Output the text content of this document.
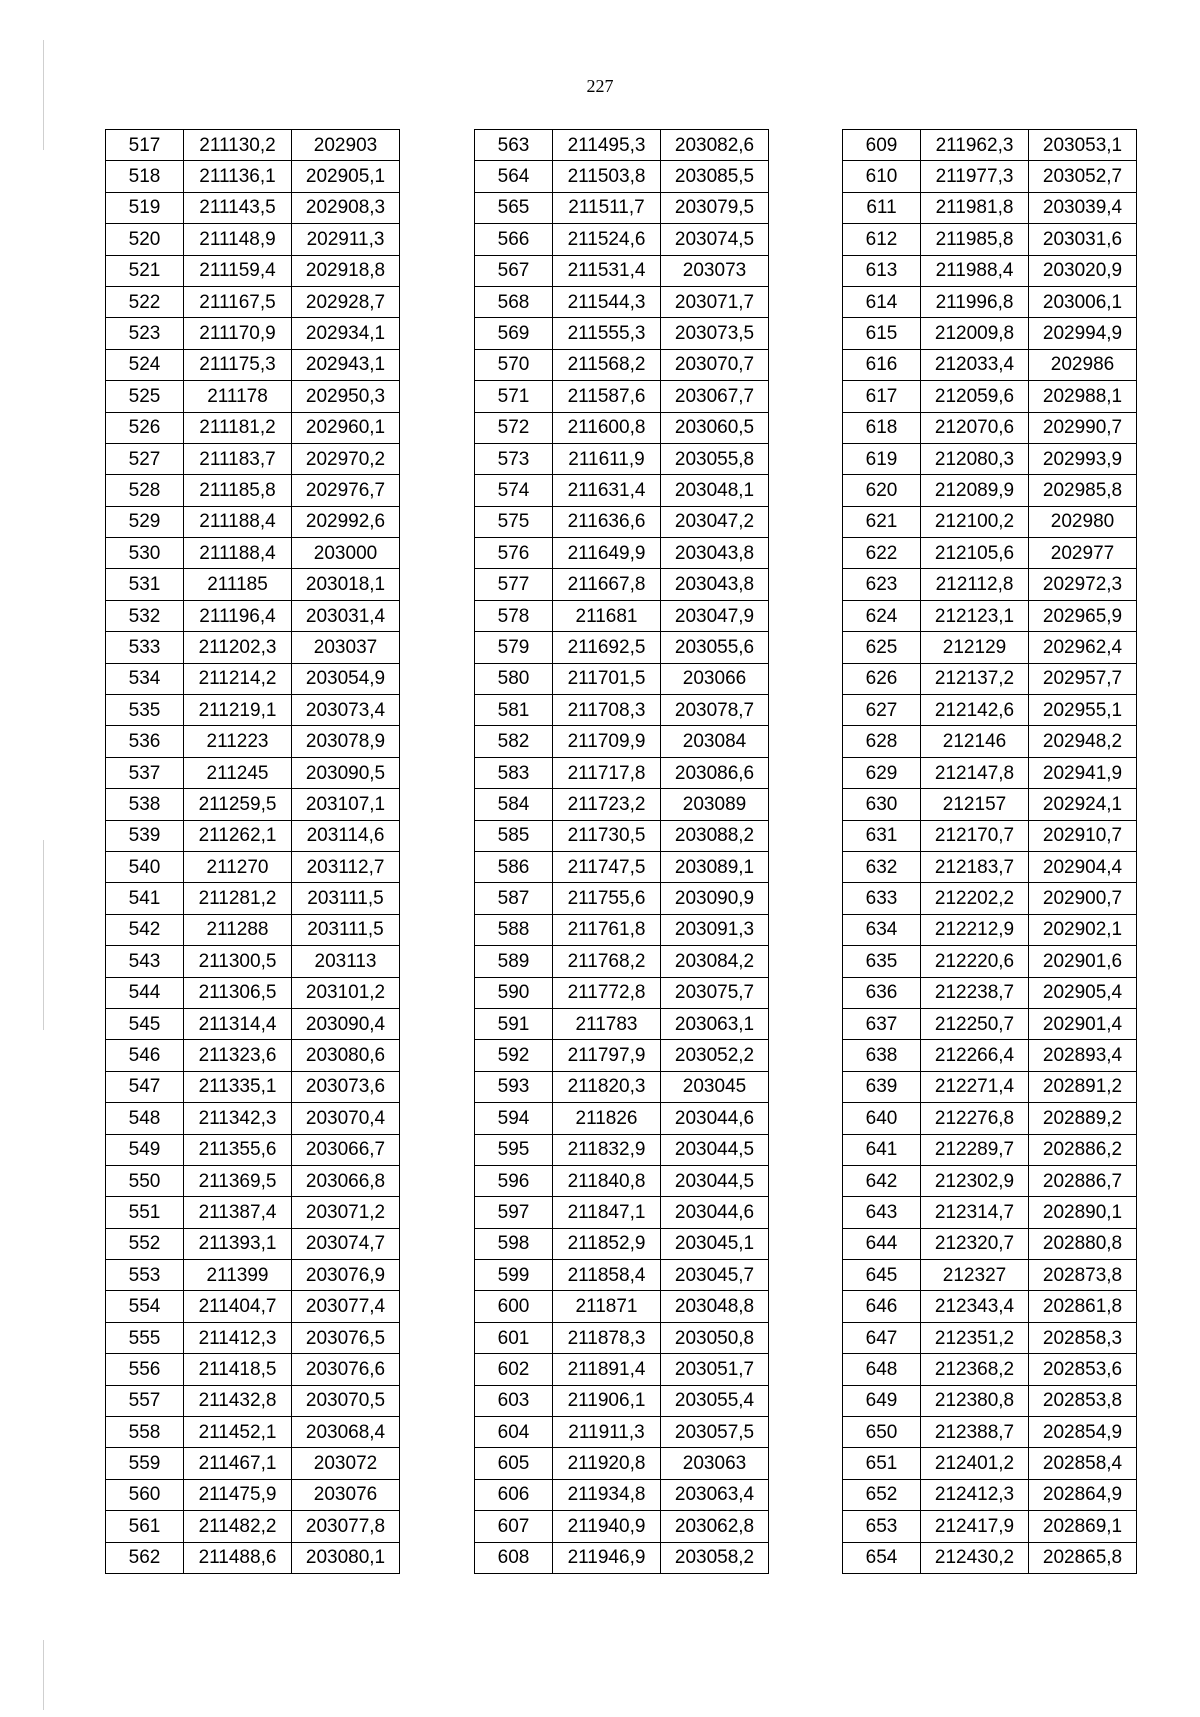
227
517	211130,2	202903
518	211136,1	202905,1
519	211143,5	202908,3
520	211148,9	202911,3
521	211159,4	202918,8
522	211167,5	202928,7
523	211170,9	202934,1
524	211175,3	202943,1
525	211178	202950,3
526	211181,2	202960,1
527	211183,7	202970,2
528	211185,8	202976,7
529	211188,4	202992,6
530	211188,4	203000
531	211185	203018,1
532	211196,4	203031,4
533	211202,3	203037
534	211214,2	203054,9
535	211219,1	203073,4
536	211223	203078,9
537	211245	203090,5
538	211259,5	203107,1
539	211262,1	203114,6
540	211270	203112,7
541	211281,2	203111,5
542	211288	203111,5
543	211300,5	203113
544	211306,5	203101,2
545	211314,4	203090,4
546	211323,6	203080,6
547	211335,1	203073,6
548	211342,3	203070,4
549	211355,6	203066,7
550	211369,5	203066,8
551	211387,4	203071,2
552	211393,1	203074,7
553	211399	203076,9
554	211404,7	203077,4
555	211412,3	203076,5
556	211418,5	203076,6
557	211432,8	203070,5
558	211452,1	203068,4
559	211467,1	203072
560	211475,9	203076
561	211482,2	203077,8
562	211488,6	203080,1
563	211495,3	203082,6
564	211503,8	203085,5
565	211511,7	203079,5
566	211524,6	203074,5
567	211531,4	203073
568	211544,3	203071,7
569	211555,3	203073,5
570	211568,2	203070,7
571	211587,6	203067,7
572	211600,8	203060,5
573	211611,9	203055,8
574	211631,4	203048,1
575	211636,6	203047,2
576	211649,9	203043,8
577	211667,8	203043,8
578	211681	203047,9
579	211692,5	203055,6
580	211701,5	203066
581	211708,3	203078,7
582	211709,9	203084
583	211717,8	203086,6
584	211723,2	203089
585	211730,5	203088,2
586	211747,5	203089,1
587	211755,6	203090,9
588	211761,8	203091,3
589	211768,2	203084,2
590	211772,8	203075,7
591	211783	203063,1
592	211797,9	203052,2
593	211820,3	203045
594	211826	203044,6
595	211832,9	203044,5
596	211840,8	203044,5
597	211847,1	203044,6
598	211852,9	203045,1
599	211858,4	203045,7
600	211871	203048,8
601	211878,3	203050,8
602	211891,4	203051,7
603	211906,1	203055,4
604	211911,3	203057,5
605	211920,8	203063
606	211934,8	203063,4
607	211940,9	203062,8
608	211946,9	203058,2
609	211962,3	203053,1
610	211977,3	203052,7
611	211981,8	203039,4
612	211985,8	203031,6
613	211988,4	203020,9
614	211996,8	203006,1
615	212009,8	202994,9
616	212033,4	202986
617	212059,6	202988,1
618	212070,6	202990,7
619	212080,3	202993,9
620	212089,9	202985,8
621	212100,2	202980
622	212105,6	202977
623	212112,8	202972,3
624	212123,1	202965,9
625	212129	202962,4
626	212137,2	202957,7
627	212142,6	202955,1
628	212146	202948,2
629	212147,8	202941,9
630	212157	202924,1
631	212170,7	202910,7
632	212183,7	202904,4
633	212202,2	202900,7
634	212212,9	202902,1
635	212220,6	202901,6
636	212238,7	202905,4
637	212250,7	202901,4
638	212266,4	202893,4
639	212271,4	202891,2
640	212276,8	202889,2
641	212289,7	202886,2
642	212302,9	202886,7
643	212314,7	202890,1
644	212320,7	202880,8
645	212327	202873,8
646	212343,4	202861,8
647	212351,2	202858,3
648	212368,2	202853,6
649	212380,8	202853,8
650	212388,7	202854,9
651	212401,2	202858,4
652	212412,3	202864,9
653	212417,9	202869,1
654	212430,2	202865,8
